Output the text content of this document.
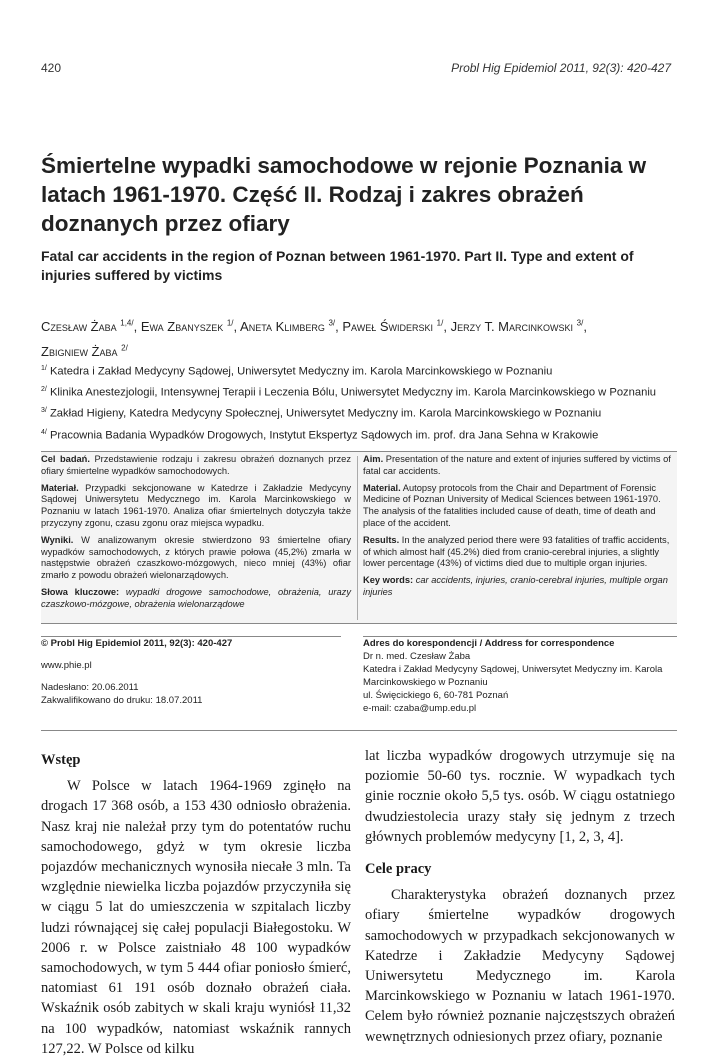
420	Probl Hig Epidemiol 2011, 92(3): 420-427
Śmiertelne wypadki samochodowe w rejonie Poznania w latach 1961-1970. Część II. Rodzaj i zakres obrażeń doznanych przez ofiary
Fatal car accidents in the region of Poznan between 1961-1970. Part II. Type and extent of injuries suffered by victims
Czesław Żaba $^{1,4/}$, Ewa Zbanyszek $^{1/}$, Aneta Klimberg $^{3/}$, Paweł Świderski $^{1/}$, Jerzy T. Marcinkowski $^{3/}$,
Zbigniew Żaba $^{2/}$
$^{1/}$ Katedra i Zakład Medycyny Sądowej, Uniwersytet Medyczny im. Karola Marcinkowskiego w Poznaniu
$^{2/}$ Klinika Anestezjologii, Intensywnej Terapii i Leczenia Bólu, Uniwersytet Medyczny im. Karola Marcinkowskiego w Poznaniu
$^{3/}$ Zakład Higieny, Katedra Medycyny Społecznej, Uniwersytet Medyczny im. Karola Marcinkowskiego w Poznaniu
$^{4/}$ Pracownia Badania Wypadków Drogowych, Instytut Ekspertyz Sądowych im. prof. dra Jana Sehna w Krakowie

Cel badań. Przedstawienie rodzaju i zakresu obrażeń doznanych przez ofiary śmiertelne wypadków samochodowych.

Materiał. Przypadki sekcjonowane w Katedrze i Zakładzie Medycyny Sądowej Uniwersytetu Medycznego im. Karola Marcinkowskiego w Poznaniu w latach 1961-1970. Analiza ofiar śmiertelnych dotyczyła także przyczyny zgonu, czasu zgonu oraz miejsca wypadku.

Wyniki. W analizowanym okresie stwierdzono 93 śmiertelne ofiary wypadków samochodowych, z których prawie połowa (45,2%) zmarła w następstwie obrażeń czaszkowo-mózgowych, nieco mniej (43%) ofiar zmarło z powodu obrażeń wielonarządowych.

Słowa kluczowe: wypadki drogowe samochodowe, obrażenia, urazy czaszkowo-mózgowe, obrażenia wielonarządowe

Aim. Presentation of the nature and extent of injuries suffered by victims of fatal car accidents.

Material. Autopsy protocols from the Chair and Department of Forensic Medicine of Poznan University of Medical Sciences between 1961-1970. The analysis of the fatalities included cause of death, time of death and place of the accident.

Results. In the analyzed period there were 93 fatalities of traffic accidents, of which almost half (45.2%) died from cranio-cerebral injuries, a slightly lower percentage (43%) of victims died due to multiple organ injuries.

Key words: car accidents, injuries, cranio-cerebral injuries, multiple organ injuries

© Probl Hig Epidemiol 2011, 92(3): 420-427
www.phie.pl
Nadesłano: 20.06.2011
Zakwalifikowano do druku: 18.07.2011
Adres do korespondencji / Address for correspondence
Dr n. med. Czesław Żaba
Katedra i Zakład Medycyny Sądowej, Uniwersytet Medyczny im. Karola Marcinkowskiego w Poznaniu
ul. Święcickiego 6, 60-781 Poznań
e-mail: czaba@ump.edu.pl
Wstęp

W Polsce w latach 1964-1969 zginęło na drogach 17 368 osób, a 153 430 odniosło obrażenia. Nasz kraj nie należał przy tym do potentatów ruchu samochodowego, gdyż w tym okresie liczba pojazdów mechanicznych wynosiła niecałe 3 mln. Ta względnie niewielka liczba pojazdów przyczyniła się w ciągu 5 lat do umieszczenia w szpitalach liczby ludzi równającej się całej populacji Białegostoku. W 2006 r. w Polsce zaistniało 48 100 wypadków samochodowych, w tym 5 444 ofiar poniosło śmierć, natomiast 61 191 osób doznało obrażeń ciała. Wskaźnik osób zabitych w skali kraju wyniósł 11,32 na 100 wypadków, natomiast wskaźnik rannych 127,22. W Polsce od kilku

lat liczba wypadków drogowych utrzymuje się na poziomie 50-60 tys. rocznie. W wypadkach tych ginie rocznie około 5,5 tys. osób. W ciągu ostatniego dwudziestolecia urazy stały się jednym z trzech głównych problemów medycyny [1, 2, 3, 4].

Cele pracy

Charakterystyka obrażeń doznanych przez ofiary śmiertelne wypadków drogowych samochodowych w przypadkach sekcjonowanych w Katedrze i Zakładzie Medycyny Sądowej Uniwersytetu Medycznego im. Karola Marcinkowskiego w Poznaniu w latach 1961-1970. Celem było również poznanie najczęstszych obrażeń wewnętrznych odniesionych przez ofiary, poznanie
